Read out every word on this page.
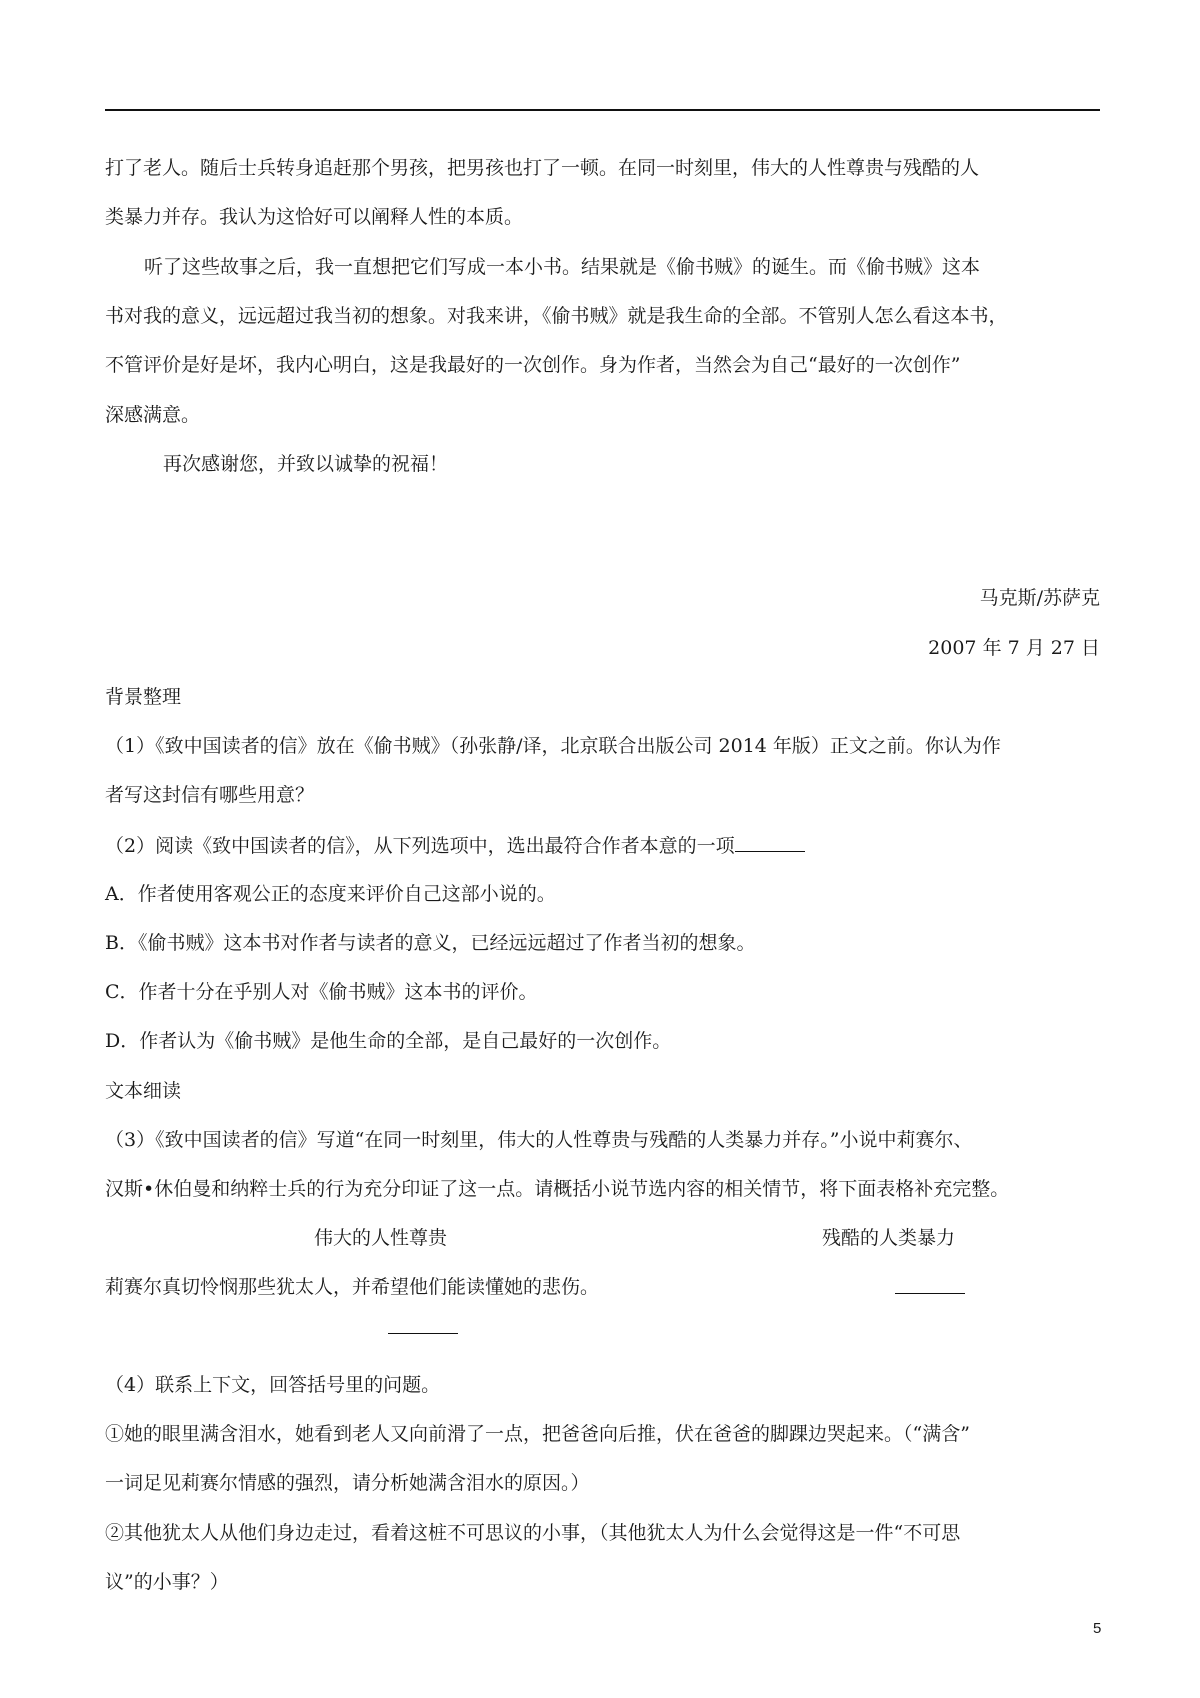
打了老人。随后士兵转身追赶那个男孩，把男孩也打了一顿。在同一时刻里，伟大的人性尊贵与残酷的人
类暴力并存。我认为这恰好可以阐释人性的本质。
听了这些故事之后，我一直想把它们写成一本小书。结果就是《偷书贼》的诞生。而《偷书贼》这本
书对我的意义，远远超过我当初的想象。对我来讲，《偷书贼》就是我生命的全部。不管别人怎么看这本书，
不管评价是好是坏，我内心明白，这是我最好的一次创作。身为作者，当然会为自己“最好的一次创作”
深感满意。
再次感谢您，并致以诚挚的祝福！
马克斯/苏萨克
2007 年 7 月 27 日
背景整理
（1）《致中国读者的信》放在《偷书贼》（孙张静/译，北京联合出版公司 2014 年版）正文之前。你认为作
者写这封信有哪些用意？
（2）阅读《致中国读者的信》，从下列选项中，选出最符合作者本意的一项
A．作者使用客观公正的态度来评价自己这部小说的。
B．《偷书贼》这本书对作者与读者的意义，已经远远超过了作者当初的想象。
C．作者十分在乎别人对《偷书贼》这本书的评价。
D．作者认为《偷书贼》是他生命的全部，是自己最好的一次创作。
文本细读
（3）《致中国读者的信》写道“在同一时刻里，伟大的人性尊贵与残酷的人类暴力并存。”小说中莉赛尔、
汉斯•休伯曼和纳粹士兵的行为充分印证了这一点。请概括小说节选内容的相关情节，将下面表格补充完整。
伟大的人性尊贵	残酷的人类暴力
莉赛尔真切怜悯那些犹太人，并希望他们能读懂她的悲伤。
（4）联系上下文，回答括号里的问题。
①她的眼里满含泪水，她看到老人又向前滑了一点，把爸爸向后推，伏在爸爸的脚踝边哭起来。（“满含”
一词足见莉赛尔情感的强烈，请分析她满含泪水的原因。）
②其他犹太人从他们身边走过，看着这桩不可思议的小事，（其他犹太人为什么会觉得这是一件“不可思
议”的小事？）
5
